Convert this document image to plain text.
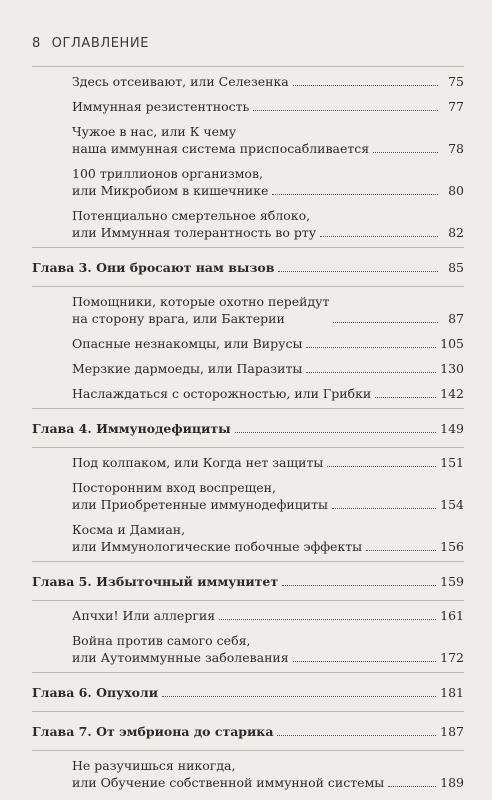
8 ОГЛАВЛЕНИЕ
Здесь отсеивают, или Селезенка	75
Иммунная резистентность	77
Чужое в нас, или К чему
наша иммунная система приспосабливается	78
100 триллионов организмов,
или Микробиом в кишечнике	80
Потенциально смертельное яблоко,
или Иммунная толерантность во рту	82
Глава 3. Они бросают нам вызов	85
Помощники, которые охотно перейдут
на сторону врага, или Бактерии	87
Опасные незнакомцы, или Вирусы	105
Мерзкие дармоеды, или Паразиты	130
Наслаждаться с осторожностью, или Грибки	142
Глава 4. Иммунодефициты	149
Под колпаком, или Когда нет защиты	151
Посторонним вход воспрещен,
или Приобретенные иммунодефициты	154
Косма и Дамиан,
или Иммунологические побочные эффекты	156
Глава 5. Избыточный иммунитет	159
Апчхи! Или аллергия	161
Война против самого себя,
или Аутоиммунные заболевания	172
Глава 6. Опухоли	181
Глава 7. От эмбриона до старика	187
Не разучишься никогда,
или Обучение собственной иммунной системы	189
